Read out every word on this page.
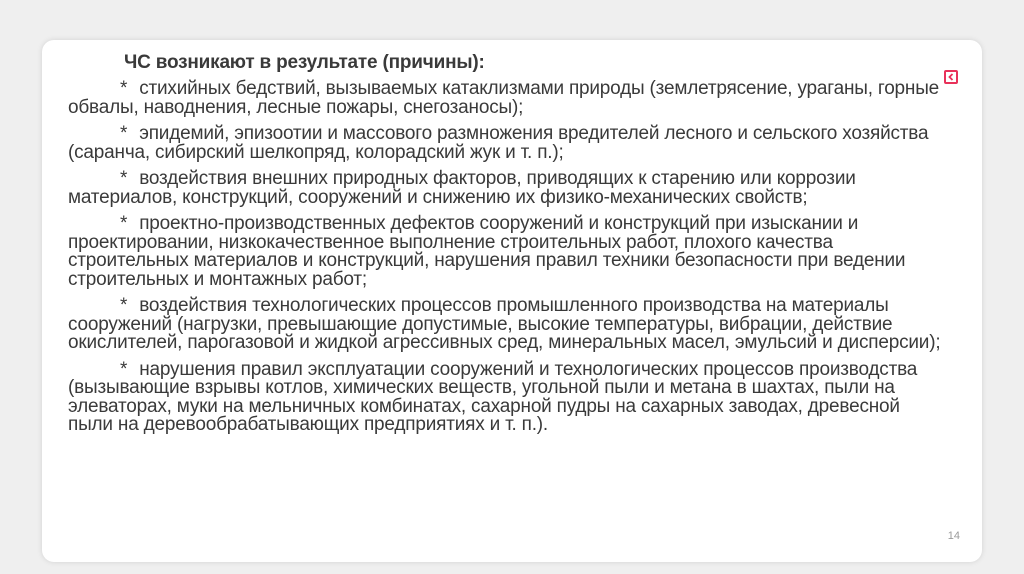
ЧС возникают в результате (причины):

* стихийных бедствий, вызываемых катаклизмами природы (землетрясение, ураганы, горные обвалы, наводнения, лесные пожары, снегозаносы);

* эпидемий, эпизоотии и массового размножения вредителей лесного и сельского хозяйства (саранча, сибирский шелкопряд, колорадский жук и т. п.);

* воздействия внешних природных факторов, приводящих к старению или коррозии материалов, конструкций, сооружений и снижению их физико-механических свойств;

* проектно-производственных дефектов сооружений и конструкций при изыскании и проектировании, низкокачественное выполнение строительных работ, плохого качества строительных материалов и конструкций, нарушения правил техники безопасности при ведении строительных и монтажных работ;

* воздействия технологических процессов промышленного производства на материалы сооружений (нагрузки, превышающие допустимые, высокие температуры, вибрации, действие окислителей, парогазовой и жидкой агрессивных сред, минеральных масел, эмульсий и дисперсии);

* нарушения правил эксплуатации сооружений и технологических процессов производства (вызывающие взрывы котлов, химических веществ, угольной пыли и метана в шахтах, пыли на элеваторах, муки на мельничных комбинатах, сахарной пудры на сахарных заводах, древесной пыли на деревообрабатывающих предприятиях и т. п.).

14
